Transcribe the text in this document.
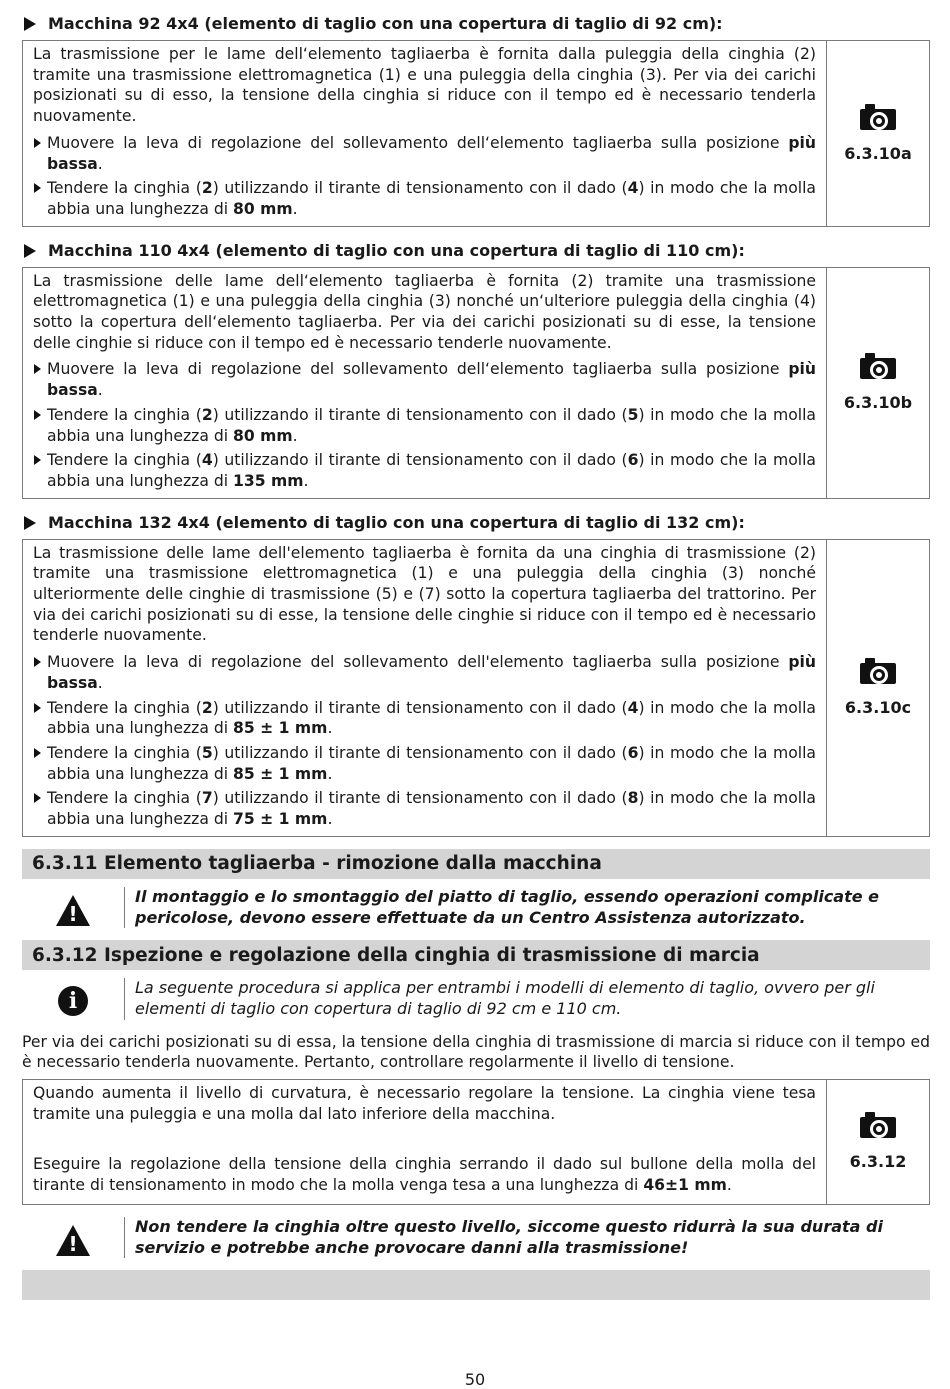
Macchina 92 4x4 (elemento di taglio con una copertura di taglio di 92 cm):

La trasmissione per le lame dell‘elemento tagliaerba è fornita dalla puleggia della cinghia (2) tramite una trasmissione elettromagnetica (1) e una puleggia della cinghia (3). Per via dei carichi posizionati su di esso, la tensione della cinghia si riduce con il tempo ed è necessario tenderla nuovamente.

Muovere la leva di regolazione del sollevamento dell‘elemento tagliaerba sulla posizione più bassa.

Tendere la cinghia (2) utilizzando il tirante di tensionamento con il dado (4) in modo che la molla abbia una lunghezza di 80 mm.

6.3.10a
Macchina 110 4x4 (elemento di taglio con una copertura di taglio di 110 cm):

La trasmissione delle lame dell‘elemento tagliaerba è fornita (2) tramite una trasmissione elettromagnetica (1) e una puleggia della cinghia (3) nonché un‘ulteriore puleggia della cinghia (4) sotto la copertura dell‘elemento tagliaerba. Per via dei carichi posizionati su di esse, la tensione delle cinghie si riduce con il tempo ed è necessario tenderle nuovamente.

Muovere la leva di regolazione del sollevamento dell‘elemento tagliaerba sulla posizione più bassa.

Tendere la cinghia (2) utilizzando il tirante di tensionamento con il dado (5) in modo che la molla abbia una lunghezza di 80 mm.

Tendere la cinghia (4) utilizzando il tirante di tensionamento con il dado (6) in modo che la molla abbia una lunghezza di 135 mm.

6.3.10b
Macchina 132 4x4 (elemento di taglio con una copertura di taglio di 132 cm):

La trasmissione delle lame dell'elemento tagliaerba è fornita da una cinghia di trasmissione (2) tramite una trasmissione elettromagnetica (1) e una puleggia della cinghia (3) nonché ulteriormente delle cinghie di trasmissione (5) e (7) sotto la copertura tagliaerba del trattorino. Per via dei carichi posizionati su di esse, la tensione delle cinghie si riduce con il tempo ed è necessario tenderle nuovamente.

Muovere la leva di regolazione del sollevamento dell'elemento tagliaerba sulla posizione più bassa.

Tendere la cinghia (2) utilizzando il tirante di tensionamento con il dado (4) in modo che la molla abbia una lunghezza di 85 ± 1 mm.

Tendere la cinghia (5) utilizzando il tirante di tensionamento con il dado (6) in modo che la molla abbia una lunghezza di 85 ± 1 mm.

Tendere la cinghia (7) utilizzando il tirante di tensionamento con il dado (8) in modo che la molla abbia una lunghezza di 75 ± 1 mm.

6.3.10c
6.3.11 Elemento tagliaerba - rimozione dalla macchina
!
Il montaggio e lo smontaggio del piatto di taglio, essendo operazioni complicate e pericolose, devono essere effettuate da un Centro Assistenza autorizzato.
6.3.12 Ispezione e regolazione della cinghia di trasmissione di marcia
i
La seguente procedura si applica per entrambi i modelli di elemento di taglio, ovvero per gli elementi di taglio con copertura di taglio di 92 cm e 110 cm.

Per via dei carichi posizionati su di essa, la tensione della cinghia di trasmissione di marcia si riduce con il tempo ed è necessario tenderla nuovamente. Pertanto, controllare regolarmente il livello di tensione.

Quando aumenta il livello di curvatura, è necessario regolare la tensione. La cinghia viene tesa tramite una puleggia e una molla dal lato inferiore della macchina.

Eseguire la regolazione della tensione della cinghia serrando il dado sul bullone della molla del tirante di tensionamento in modo che la molla venga tesa a una lunghezza di 46±1 mm.

6.3.12
!
Non tendere la cinghia oltre questo livello, siccome questo ridurrà la sua durata di servizio e potrebbe anche provocare danni alla trasmissione!
50
